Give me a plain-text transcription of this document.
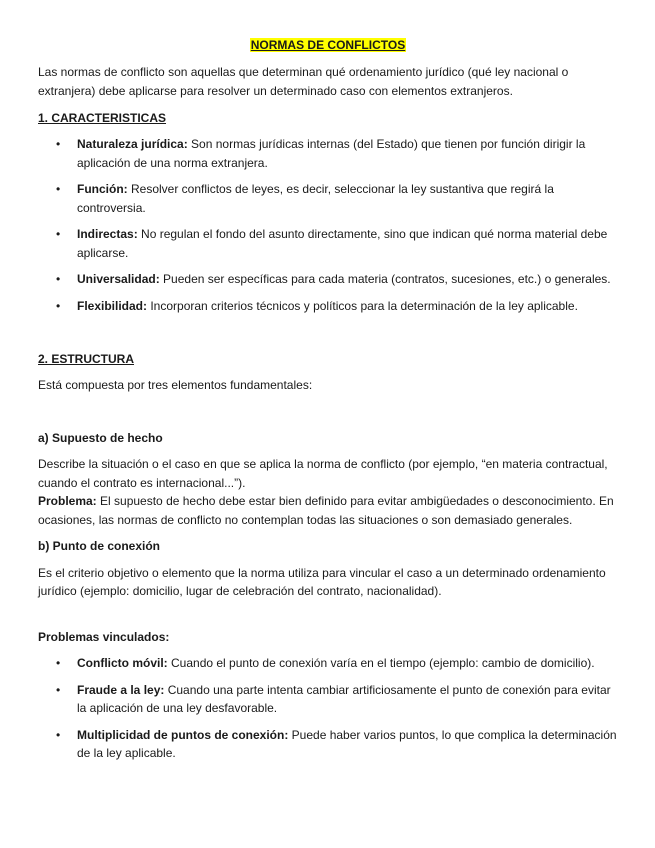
NORMAS DE CONFLICTOS

Las normas de conflicto son aquellas que determinan qué ordenamiento jurídico (qué ley nacional o extranjera) debe aplicarse para resolver un determinado caso con elementos extranjeros.

1. CARACTERISTICAS
• Naturaleza jurídica: Son normas jurídicas internas (del Estado) que tienen por función dirigir la aplicación de una norma extranjera.
• Función: Resolver conflictos de leyes, es decir, seleccionar la ley sustantiva que regirá la controversia.
• Indirectas: No regulan el fondo del asunto directamente, sino que indican qué norma material debe aplicarse.
• Universalidad: Pueden ser específicas para cada materia (contratos, sucesiones, etc.) o generales.
• Flexibilidad: Incorporan criterios técnicos y políticos para la determinación de la ley aplicable.
2. ESTRUCTURA

Está compuesta por tres elementos fundamentales:

a) Supuesto de hecho

Describe la situación o el caso en que se aplica la norma de conflicto (por ejemplo, “en materia contractual, cuando el contrato es internacional...”).

Problema: El supuesto de hecho debe estar bien definido para evitar ambigüedades o desconocimiento. En ocasiones, las normas de conflicto no contemplan todas las situaciones o son demasiado generales.

b) Punto de conexión

Es el criterio objetivo o elemento que la norma utiliza para vincular el caso a un determinado ordenamiento jurídico (ejemplo: domicilio, lugar de celebración del contrato, nacionalidad).

Problemas vinculados:

• Conflicto móvil: Cuando el punto de conexión varía en el tiempo (ejemplo: cambio de domicilio).
• Fraude a la ley: Cuando una parte intenta cambiar artificiosamente el punto de conexión para evitar la aplicación de una ley desfavorable.
• Multiplicidad de puntos de conexión: Puede haber varios puntos, lo que complica la determinación de la ley aplicable.
